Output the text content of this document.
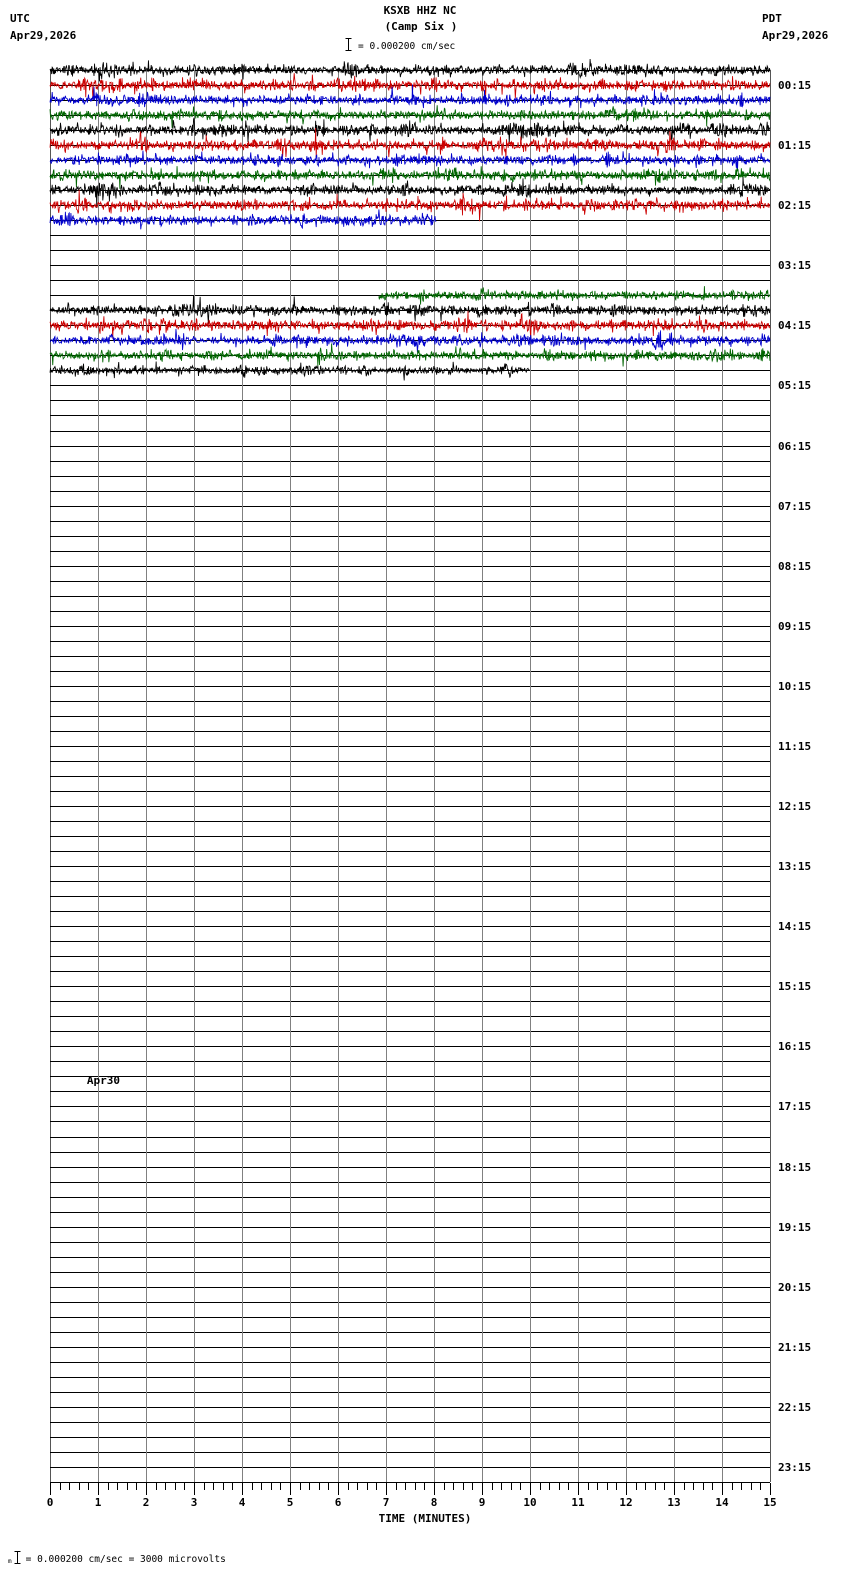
UTC
Apr29,2026
KSXB HHZ NC
(Camp Six )
= 0.000200 cm/sec
PDT
Apr29,2026
0	1	2	3	4	5	6	7	8	9	10	11	12	13	14	15
TIME (MINUTES)
m = 0.000200 cm/sec = 3000 microvolts
00:15
01:15
02:15
03:15
04:15
05:15
06:15
07:15
08:15
09:15
10:15
11:15
12:15
13:15
14:15
15:15
16:15
17:15
18:15
19:15
20:15
21:15
22:15
23:15
Apr30
